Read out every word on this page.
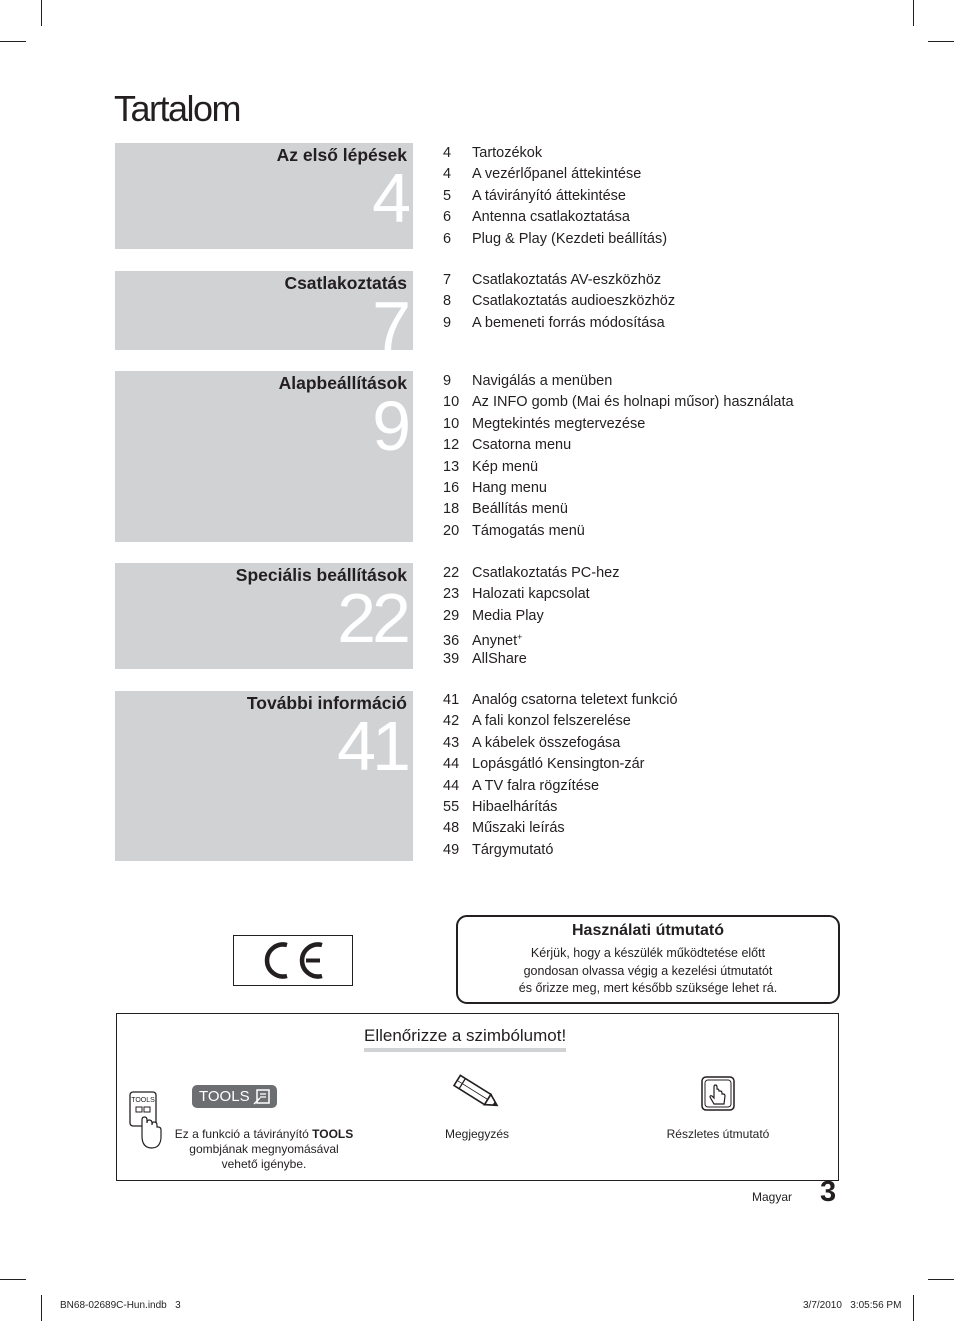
Tartalom
Az első lépések
4
4 Tartozékok
4 A vezérlőpanel áttekintése
5 A távirányító áttekintése
6 Antenna csatlakoztatása
6 Plug & Play (Kezdeti beállítás)
Csatlakoztatás
7
7 Csatlakoztatás AV-eszközhöz
8 Csatlakoztatás audioeszközhöz
9 A bemeneti forrás módosítása
Alapbeállítások
9
9 Navigálás a menüben
10 Az INFO gomb (Mai és holnapi műsor) használata
10 Megtekintés megtervezése
12 Csatorna menu
13 Kép menü
16 Hang menu
18 Beállítás menü
20 Támogatás menü
Speciális beállítások
22
22 Csatlakoztatás PC-hez
23 Halozati kapcsolat
29 Media Play
36 Anynet+
39 AllShare
További információ
41
41 Analóg csatorna teletext funkció
42 A fali konzol felszerelése
43 A kábelek összefogása
44 Lopásgátló Kensington-zár
44 A TV falra rögzítése
55 Hibaelhárítás
48 Műszaki leírás
49 Tárgymutató
Használati útmutató
Kérjük, hogy a készülék működtetése előtt
gondosan olvassa végig a kezelési útmutatót
és őrizze meg, mert később szüksége lehet rá.
Ellenőrizze a szimbólumot!
TOOLS	TOOLS
Ez a funkció a távirányító TOOLS gombjának megnyomásával vehető igénybe.
Megjegyzés	Részletes útmutató
Magyar 3
BN68-02689C-Hun.indb   3	3/7/2010   3:05:56 PM
